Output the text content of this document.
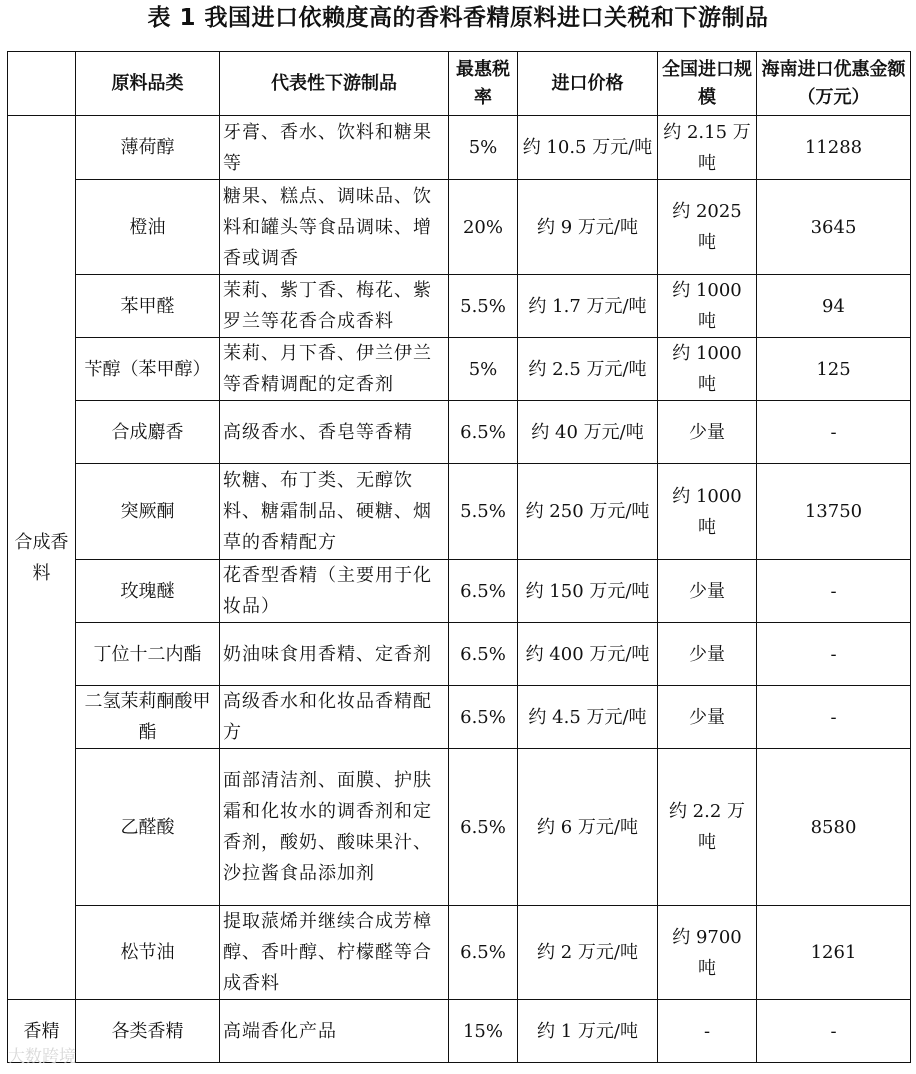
表 1 我国进口依赖度高的香料香精原料进口关税和下游制品
	原料品类	代表性下游制品	最惠税率	进口价格	全国进口规模	海南进口优惠金额（万元）
合成香料	薄荷醇	牙膏、香水、饮料和糖果等	5%	约 10.5 万元/吨	约 2.15 万吨	11288
	橙油	糖果、糕点、调味品、饮料和罐头等食品调味、增香或调香	20%	约 9 万元/吨	约 2025 吨	3645
	苯甲醛	茉莉、紫丁香、梅花、紫罗兰等花香合成香料	5.5%	约 1.7 万元/吨	约 1000 吨	94
	苄醇（苯甲醇）	茉莉、月下香、伊兰伊兰等香精调配的定香剂	5%	约 2.5 万元/吨	约 1000 吨	125
	合成麝香	高级香水、香皂等香精	6.5%	约 40 万元/吨	少量	-
	突厥酮	软糖、布丁类、无醇饮料、糖霜制品、硬糖、烟草的香精配方	5.5%	约 250 万元/吨	约 1000 吨	13750
	玫瑰醚	花香型香精（主要用于化妆品）	6.5%	约 150 万元/吨	少量	-
	丁位十二内酯	奶油味食用香精、定香剂	6.5%	约 400 万元/吨	少量	-
	二氢茉莉酮酸甲酯	高级香水和化妆品香精配方	6.5%	约 4.5 万元/吨	少量	-
	乙醛酸	面部清洁剂、面膜、护肤霜和化妆水的调香剂和定香剂，酸奶、酸味果汁、沙拉酱食品添加剂	6.5%	约 6 万元/吨	约 2.2 万吨	8580
	松节油	提取蒎烯并继续合成芳樟醇、香叶醇、柠檬醛等合成香料	6.5%	约 2 万元/吨	约 9700 吨	1261
香精	各类香精	高端香化产品	15%	约 1 万元/吨	-	-
大数跨境
